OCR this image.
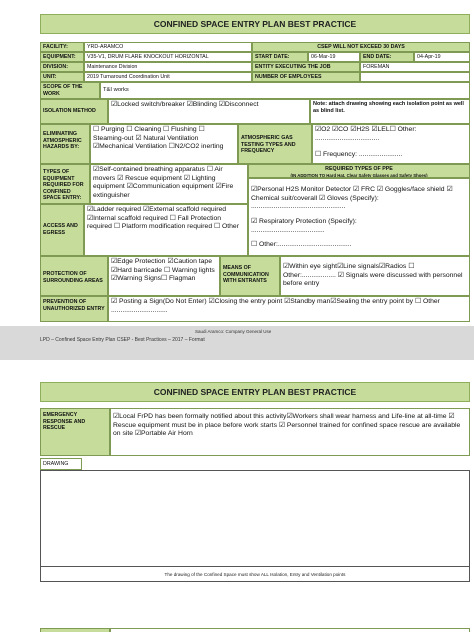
CONFINED SPACE ENTRY PLAN BEST PRACTICE
FACILITY:	YRD-ARAMCO	CSEP WILL NOT EXCEED 30 DAYS
EQUIPMENT:	V35-V1, DRUM FLARE KNOCKOUT HORIZONTAL	START DATE:	06-Mar-19	END DATE:	04-Apr-19
DIVISION:	Maintenance Division	ENTITY EXECUTING THE JOB	FOREMAN
UNIT:	2019 Turnaround Coordination Unit	NUMBER OF EMPLOYEES
SCOPE OF THE WORK
T&I works
ISOLATION METHOD
☑Locked switch/breaker ☑Blinding ☑Disconnect	Note: attach drawing showing each isolation point as well as blind list.
ELIMINATING ATMOSPHERIC HAZARDS BY:
☐ Purging ☐ Cleaning ☐ Flushing ☐ Steaming-out ☑ Natural Ventilation ☑Mechanical Ventilation ☐N2/CO2 inerting
ATMOSPHERIC GAS TESTING TYPES AND FREQUENCY
☑O2 ☑CO ☑H2S ☑LEL☐ Other: ..................................
☐ Frequency: .......................
TYPES OF EQUIPMENT REQUIRED FOR CONFINED SPACE ENTRY:
☑Self-contained breathing apparatus ☐ Air movers ☑ Rescue equipment ☑ Lighting equipment ☑Communication equipment ☑Fire extinguisher
REQUIRED TYPES OF PPE
(IN ADDITION TO Hard Hat, Clear Safety Glasses and Safety Shoes)
☑Personal H2S Monitor Detector ☑ FRC ☑ Goggles/face shield ☑ Chemical suit/coverall ☑ Gloves (Specify):
..................................................
☑ Respiratory Protection (Specify):
.......................................
☐ Other:.......................................
ACCESS AND EGRESS
☑Ladder required ☑External scaffold required ☑Internal scaffold required ☐ Fall Protection required ☐ Platform modification required ☐ Other
PROTECTION OF SURROUNDING AREAS
☑Edge Protection ☑Caution tape ☑Hard barricade ☐ Warning lights ☑Warning Signs☐ Flagman
MEANS OF COMMUNICATION WITH ENTRANTS
☑Within eye sight☑Line signals☑Radios ☐ Other:.................. ☑ Signals were discussed with personnel before entry
PREVENTION OF UNAUTHORIZED ENTRY
☑ Posting a Sign(Do Not Enter) ☑Closing the entry point ☑Standby man☑Sealing the entry point by ☐ Other ..............................
Saudi Aramco: Company General Use
LPD – Confined Space Entry Plan CSEP - Best Practices – 2017 – Format
CONFINED SPACE ENTRY PLAN BEST PRACTICE
EMERGENCY RESPONSE AND RESCUE
☑Local FrPD has been formally notified about this activity☑Workers shall wear harness and Life-line at all-time ☑ Rescue equipment must be in place before work starts ☑ Personnel trained for confined space rescue are available on site ☑Portable Air Horn
DRAWING
The drawing of the Confined Space must show ALL Isolation, Entry and Ventilation points
